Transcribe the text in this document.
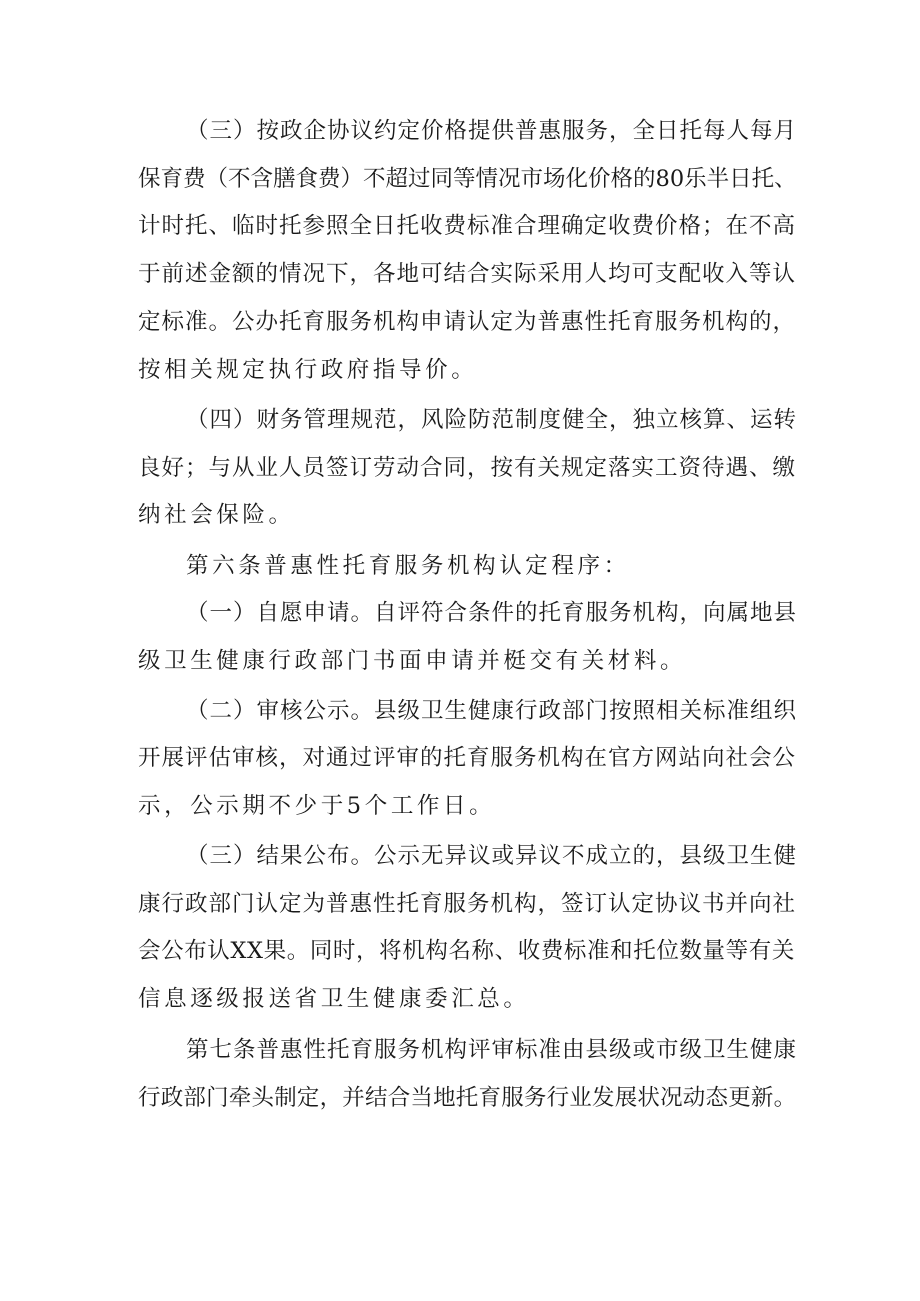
（三）按政企协议约定价格提供普惠服务，全日托每人每月
保育费（不含膳食费）不超过同等情况市场化价格的80乐半日托、
计时托、临时托参照全日托收费标准合理确定收费价格；在不高
于前述金额的情况下，各地可结合实际采用人均可支配收入等认
定标准。公办托育服务机构申请认定为普惠性托育服务机构的，
按相关规定执行政府指导价。
（四）财务管理规范，风险防范制度健全，独立核算、运转
良好；与从业人员签订劳动合同，按有关规定落实工资待遇、缴
纳社会保险。
第六条普惠性托育服务机构认定程序：
（一）自愿申请。自评符合条件的托育服务机构，向属地县
级卫生健康行政部门书面申请并梃交有关材料。
（二）审核公示。县级卫生健康行政部门按照相关标准组织
开展评估审核，对通过评审的托育服务机构在官方网站向社会公
示，公示期不少于5个工作日。
（三）结果公布。公示无异议或异议不成立的，县级卫生健
康行政部门认定为普惠性托育服务机构，签订认定协议书并向社
会公布认XX果。同时，将机构名称、收费标准和托位数量等有关
信息逐级报送省卫生健康委汇总。
第七条普惠性托育服务机构评审标准由县级或市级卫生健康
行政部门牵头制定，并结合当地托育服务行业发展状况动态更新。
